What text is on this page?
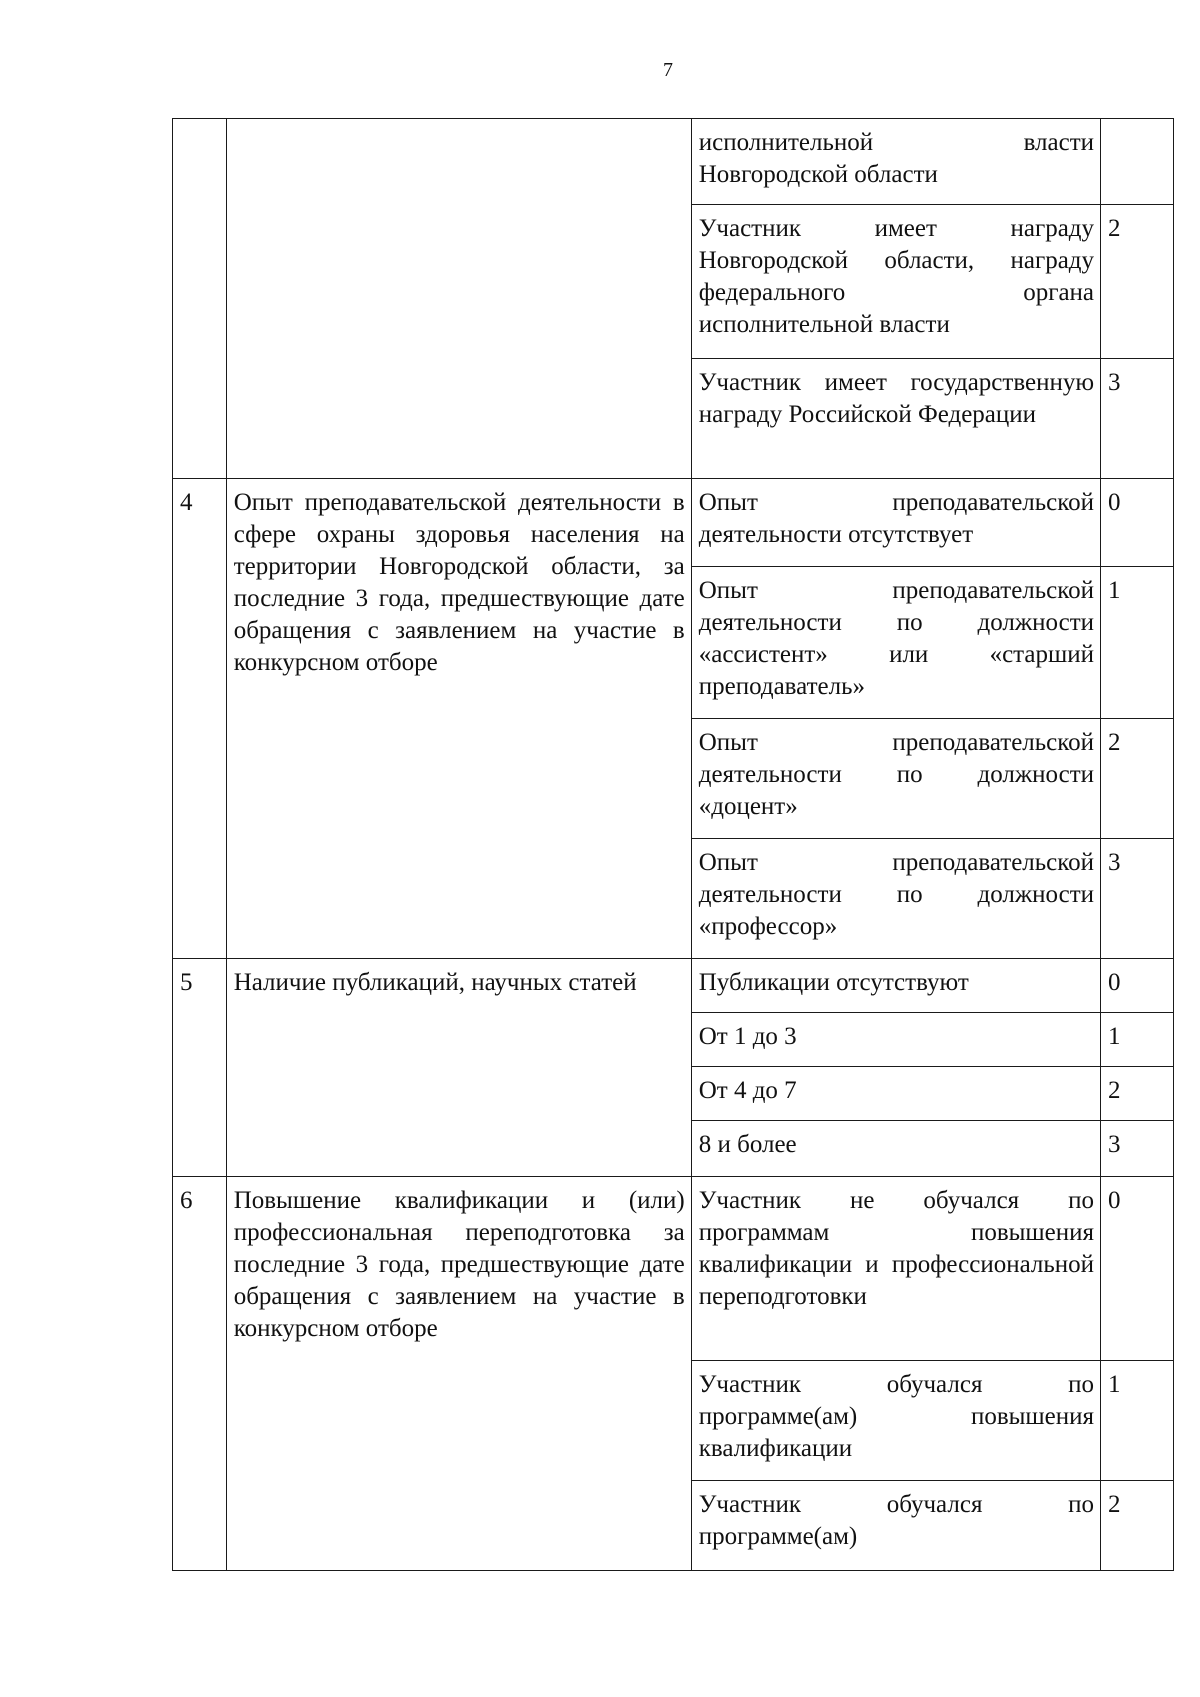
7
		исполнительной власти Новгородской области	
		Участник имеет награду Новгородской области, награду федерального органа исполнительной власти	2
		Участник имеет государственную награду Российской Федерации	3
4	Опыт преподавательской деятельности в сфере охраны здоровья населения на территории Новгородской области, за последние 3 года, предшествующие дате обращения с заявлением на участие в конкурсном отборе	Опыт преподавательской деятельности отсутствует	0
		Опыт преподавательской деятельности по должности «ассистент» или «старший преподаватель»	1
		Опыт преподавательской деятельности по должности «доцент»	2
		Опыт преподавательской деятельности по должности «профессор»	3
5	Наличие публикаций, научных статей	Публикации отсутствуют	0
		От 1 до 3	1
		От 4 до 7	2
		8 и более	3
6	Повышение квалификации и (или) профессиональная переподготовка за последние 3 года, предшествующие дате обращения с заявлением на участие в конкурсном отборе	Участник не обучался по программам повышения квалификации и профессиональной переподготовки	0
		Участник обучался по программе(ам) повышения квалификации	1
		Участник обучался по программе(ам)	2
